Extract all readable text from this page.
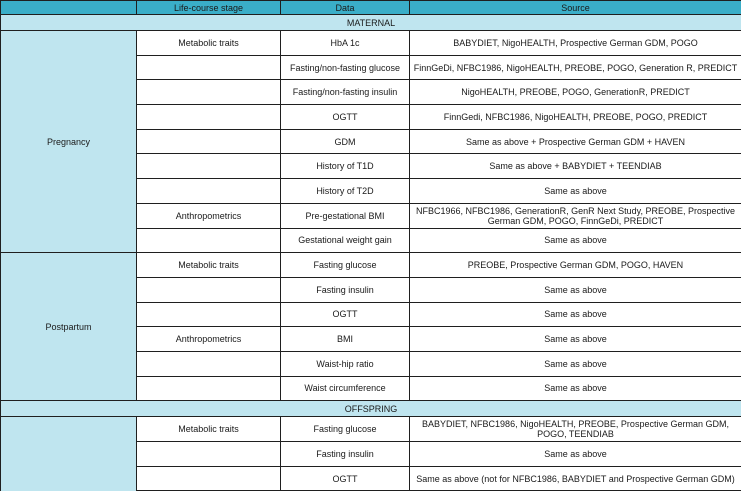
	Life-course stage	Data	Source
MATERNAL			
Pregnancy	Metabolic traits	HbA 1c	BABYDIET, NigoHEALTH, Prospective German GDM, POGO
		Fasting/non-fasting glucose	FinnGeDi, NFBC1986, NigoHEALTH, PREOBE, POGO, Generation R, PREDICT
		Fasting/non-fasting insulin	NigoHEALTH, PREOBE, POGO, GenerationR, PREDICT
		OGTT	FinnGedi, NFBC1986, NigoHEALTH, PREOBE, POGO, PREDICT
		GDM	Same as above + Prospective German GDM + HAVEN
		History of T1D	Same as above + BABYDIET + TEENDIAB
		History of T2D	Same as above
	Anthropometrics	Pre-gestational BMI	NFBC1966, NFBC1986, GenerationR, GenR Next Study, PREOBE, Prospective German GDM, POGO, FinnGeDi, PREDICT
		Gestational weight gain	Same as above
Postpartum	Metabolic traits	Fasting glucose	PREOBE, Prospective German GDM, POGO, HAVEN
		Fasting insulin	Same as above
		OGTT	Same as above
	Anthropometrics	BMI	Same as above
		Waist-hip ratio	Same as above
		Waist circumference	Same as above
OFFSPRING			
	Metabolic traits	Fasting glucose	BABYDIET, NFBC1986, NigoHEALTH, PREOBE, Prospective German GDM, POGO, TEENDIAB
		Fasting insulin	Same as above
		OGTT	Same as above (not for NFBC1986, BABYDIET and Prospective German GDM)
